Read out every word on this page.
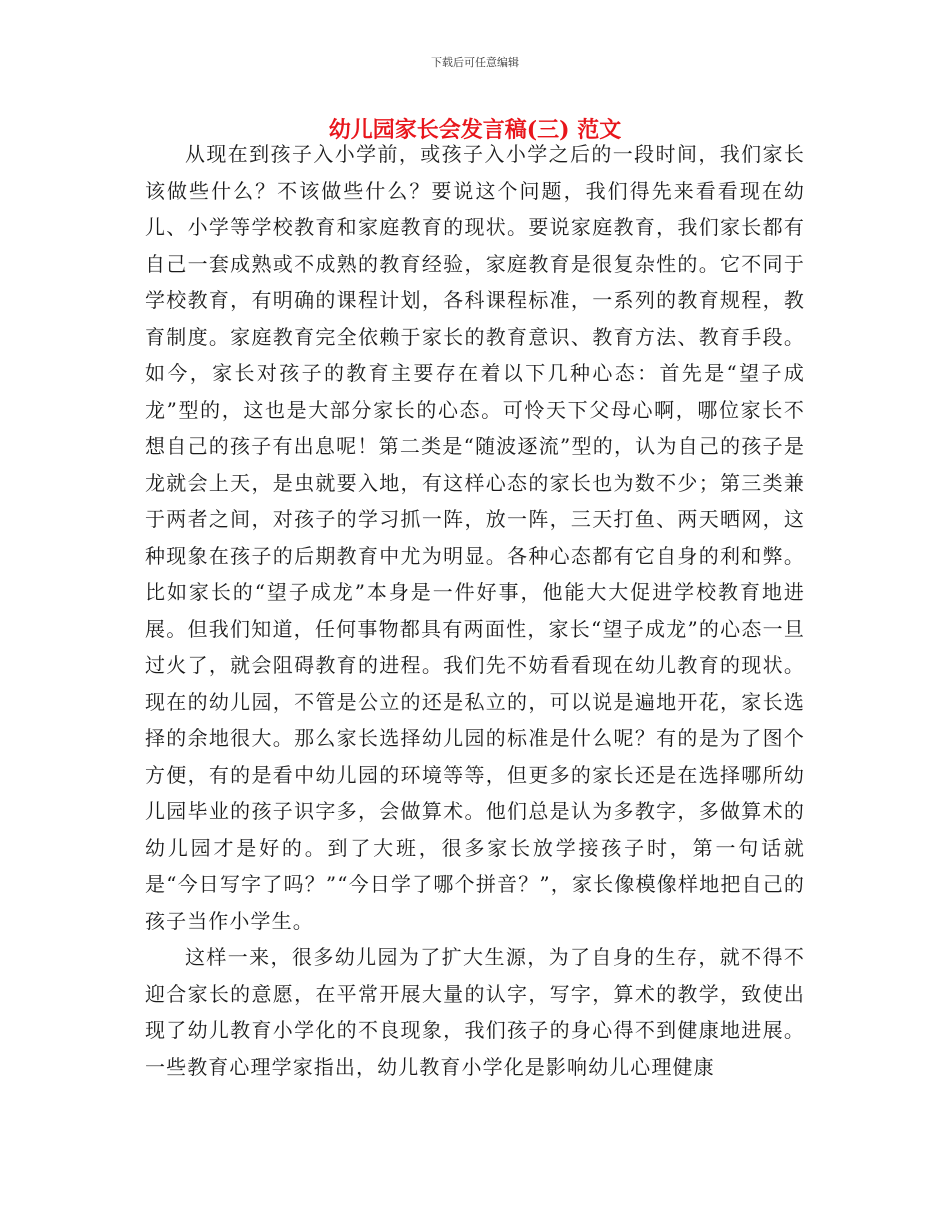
下载后可任意编辑
幼儿园家长会发言稿(三) 范文

从现在到孩子入小学前，或孩子入小学之后的一段时间，我们家长该做些什么？不该做些什么？要说这个问题，我们得先来看看现在幼儿、小学等学校教育和家庭教育的现状。要说家庭教育，我们家长都有自己一套成熟或不成熟的教育经验，家庭教育是很复杂性的。它不同于学校教育，有明确的课程计划，各科课程标准，一系列的教育规程，教育制度。家庭教育完全依赖于家长的教育意识、教育方法、教育手段。 如今，家长对孩子的教育主要存在着以下几种心态：首先是“望子成龙”型的，这也是大部分家长的心态。可怜天下父母心啊，哪位家长不想自己的孩子有出息呢！第二类是“随波逐流”型的，认为自己的孩子是龙就会上天，是虫就要入地，有这样心态的家长也为数不少；第三类兼于两者之间，对孩子的学习抓一阵，放一阵，三天打鱼、两天晒网，这种现象在孩子的后期教育中尤为明显。各种心态都有它自身的利和弊。比如家长的“望子成龙”本身是一件好事，他能大大促进学校教育地进展。但我们知道，任何事物都具有两面性，家长“望子成龙”的心态一旦过火了，就会阻碍教育的进程。我们先不妨看看现在幼儿教育的现状。现在的幼儿园，不管是公立的还是私立的，可以说是遍地开花，家长选择的余地很大。那么家长选择幼儿园的标准是什么呢？有的是为了图个方便，有的是看中幼儿园的环境等等，但更多的家长还是在选择哪所幼儿园毕业的孩子识字多，会做算术。他们总是认为多教字，多做算术的幼儿园才是好的。到了大班，很多家长放学接孩子时，第一句话就是“今日写字了吗？”“今日学了哪个拼音？”，家长像模像样地把自己的孩子当作小学生。

这样一来，很多幼儿园为了扩大生源，为了自身的生存，就不得不迎合家长的意愿，在平常开展大量的认字，写字，算术的教学，致使出现了幼儿教育小学化的不良现象，我们孩子的身心得不到健康地进展。一些教育心理学家指出，幼儿教育小学化是影响幼儿心理健康
